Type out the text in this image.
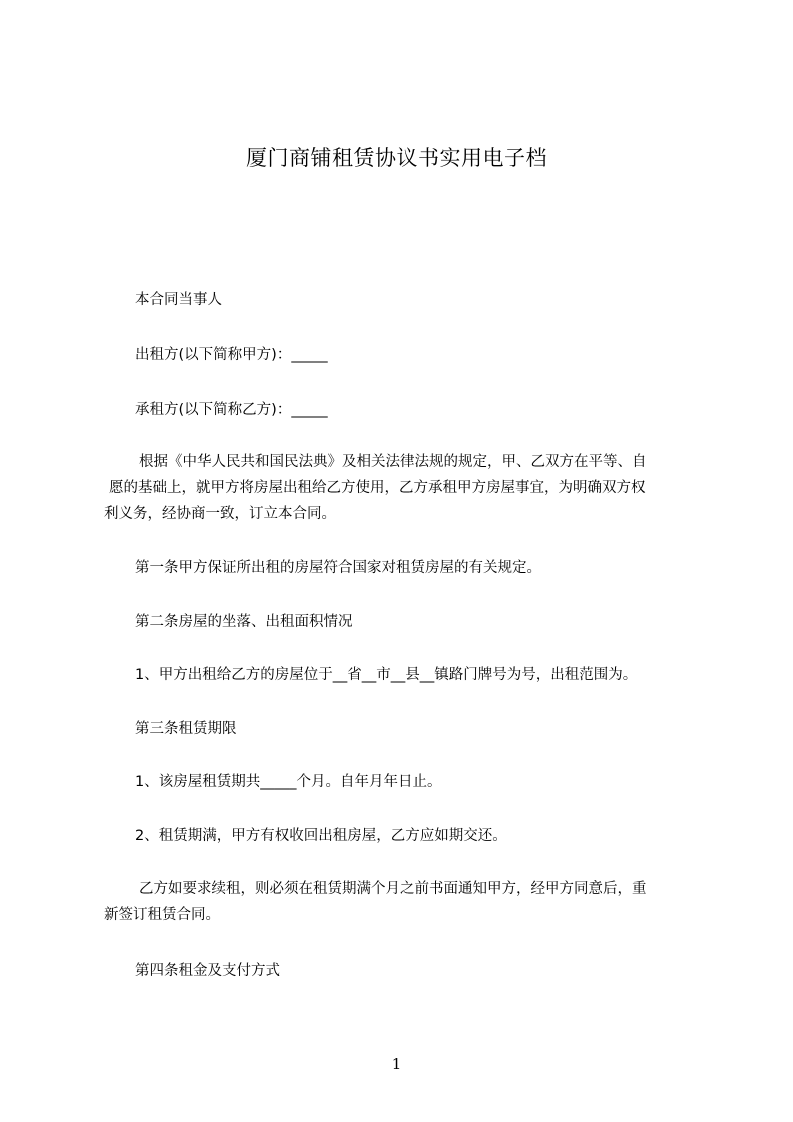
厦门商铺租赁协议书实用电子档
本合同当事人
出租方(以下简称甲方)：_____
承租方(以下简称乙方)：_____
根据《中华人民共和国民法典》及相关法律法规的规定，甲、乙双方在平等、自
愿的基础上，就甲方将房屋出租给乙方使用，乙方承租甲方房屋事宜，为明确双方权
利义务，经协商一致，订立本合同。
第一条甲方保证所出租的房屋符合国家对租赁房屋的有关规定。
第二条房屋的坐落、出租面积情况
1、甲方出租给乙方的房屋位于__省__市__县__镇路门牌号为号，出租范围为。
第三条租赁期限
1、该房屋租赁期共_____个月。自年月年日止。
2、租赁期满，甲方有权收回出租房屋，乙方应如期交还。
乙方如要求续租，则必须在租赁期满个月之前书面通知甲方，经甲方同意后，重
新签订租赁合同。
第四条租金及支付方式
1
